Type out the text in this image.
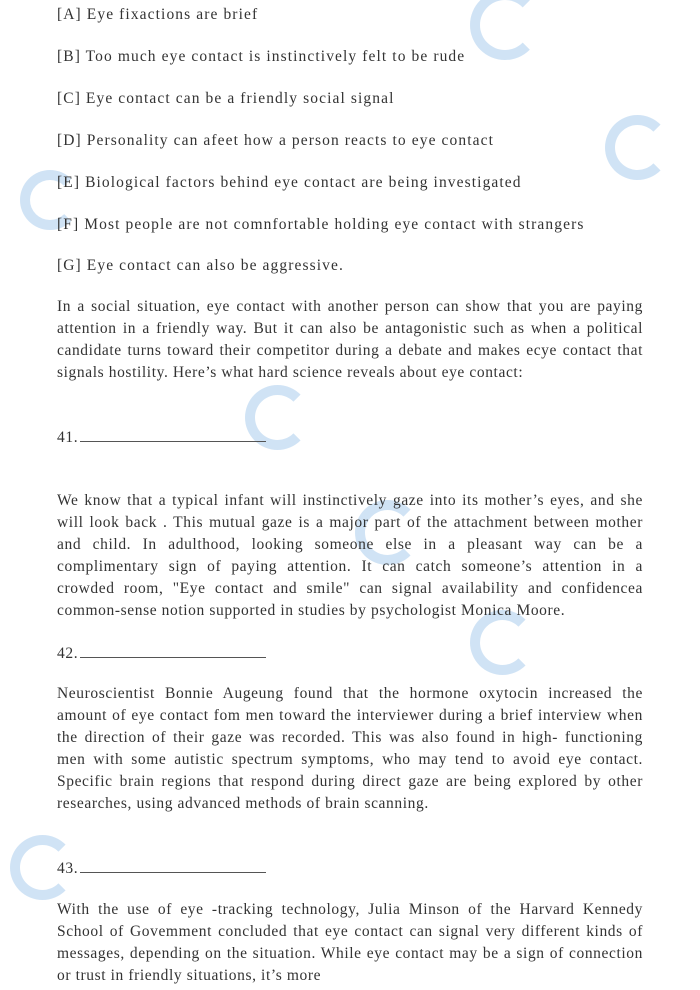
[A] Eye fixactions are brief
[B] Too much eye contact is instinctively felt to be rude
[C] Eye contact can be a friendly social signal
[D] Personality can afeet how a person reacts to eye contact
[E] Biological factors behind eye contact are being investigated
[F] Most people are not comnfortable holding eye contact with strangers
[G] Eye contact can also be aggressive.
In a social situation, eye contact with another person can show that you are paying attention in a friendly way. But it can also be antagonistic such as when a political candidate turns toward their competitor during a debate and makes ecye contact that signals hostility. Here’s what hard science reveals about eye contact:
41.
We know that a typical infant will instinctively gaze into its mother’s eyes, and she will look back . This mutual gaze is a major part of the attachment between mother and child. In adulthood, looking someone else in a pleasant way can be a complimentary sign of paying attention. It can catch someone’s attention in a crowded room, "Eye contact and smile" can signal availability and confidencea common-sense notion supported in studies by psychologist Monica Moore.
42.
Neuroscientist Bonnie Augeung found that the hormone oxytocin increased the amount of eye contact fom men toward the interviewer during a brief interview when the direction of their gaze was recorded. This was also found in high- functioning men with some autistic spectrum symptoms, who may tend to avoid eye contact. Specific brain regions that respond during direct gaze are being explored by other researches, using advanced methods of brain scanning.
43.
With the use of eye -tracking technology, Julia Minson of the Harvard Kennedy School of Govemment concluded that eye contact can signal very different kinds of messages, depending on the situation. While eye contact may be a sign of connection or trust in friendly situations, it’s more
